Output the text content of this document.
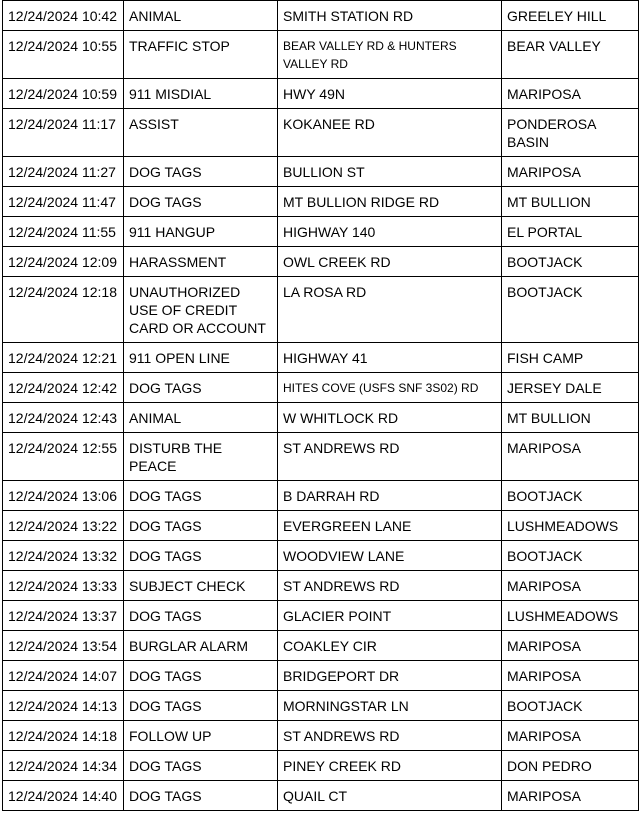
12/24/2024 10:42	ANIMAL	SMITH STATION RD	GREELEY HILL
12/24/2024 10:55	TRAFFIC STOP	BEAR VALLEY RD & HUNTERS VALLEY RD	BEAR VALLEY
12/24/2024 10:59	911 MISDIAL	HWY 49N	MARIPOSA
12/24/2024 11:17	ASSIST	KOKANEE RD	PONDEROSA BASIN
12/24/2024 11:27	DOG TAGS	BULLION ST	MARIPOSA
12/24/2024 11:47	DOG TAGS	MT BULLION RIDGE RD	MT BULLION
12/24/2024 11:55	911 HANGUP	HIGHWAY 140	EL PORTAL
12/24/2024 12:09	HARASSMENT	OWL CREEK RD	BOOTJACK
12/24/2024 12:18	UNAUTHORIZED USE OF CREDIT CARD OR ACCOUNT	LA ROSA RD	BOOTJACK
12/24/2024 12:21	911 OPEN LINE	HIGHWAY 41	FISH CAMP
12/24/2024 12:42	DOG TAGS	HITES COVE (USFS SNF 3S02) RD	JERSEY DALE
12/24/2024 12:43	ANIMAL	W WHITLOCK RD	MT BULLION
12/24/2024 12:55	DISTURB THE PEACE	ST ANDREWS RD	MARIPOSA
12/24/2024 13:06	DOG TAGS	B DARRAH RD	BOOTJACK
12/24/2024 13:22	DOG TAGS	EVERGREEN LANE	LUSHMEADOWS
12/24/2024 13:32	DOG TAGS	WOODVIEW LANE	BOOTJACK
12/24/2024 13:33	SUBJECT CHECK	ST ANDREWS RD	MARIPOSA
12/24/2024 13:37	DOG TAGS	GLACIER POINT	LUSHMEADOWS
12/24/2024 13:54	BURGLAR ALARM	COAKLEY CIR	MARIPOSA
12/24/2024 14:07	DOG TAGS	BRIDGEPORT DR	MARIPOSA
12/24/2024 14:13	DOG TAGS	MORNINGSTAR LN	BOOTJACK
12/24/2024 14:18	FOLLOW UP	ST ANDREWS RD	MARIPOSA
12/24/2024 14:34	DOG TAGS	PINEY CREEK RD	DON PEDRO
12/24/2024 14:40	DOG TAGS	QUAIL CT	MARIPOSA
